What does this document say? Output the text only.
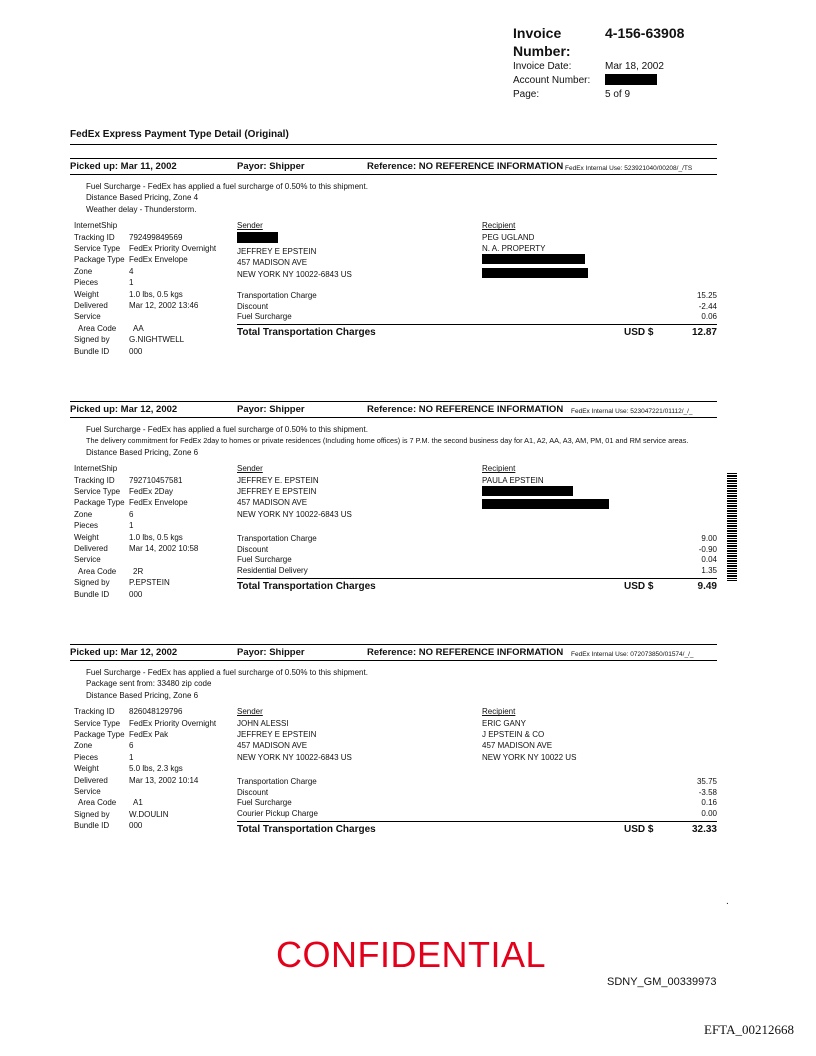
Invoice Number:
4-156-63908
Invoice Date:	Mar 18, 2002
Account Number:
Page:	5 of 9
FedEx Express Payment Type Detail (Original)
Picked up: Mar 11, 2002	Payor: Shipper	Reference: NO REFERENCE INFORMATION FedEx Internal Use: 523921040/00208/_/TS
Fuel Surcharge - FedEx has applied a fuel surcharge of 0.50% to this shipment.
Distance Based Pricing, Zone 4
Weather delay - Thunderstorm.
InternetShip
Tracking ID	792499849569
Service Type	FedEx Priority Overnight
Package Type FedEx Envelope
Zone	4
Pieces	1
Weight	1.0 lbs, 0.5 kgs
Delivered	Mar 12, 2002 13:46
Service
Area Code	AA
Signed by	G.NIGHTWELL
Bundle ID	000
Sender
JEFFREY E EPSTEIN
457 MADISON AVE
NEW YORK NY 10022-6843 US
Recipient
PEG UGLAND
N. A. PROPERTY
Transportation Charge	15.25
Discount	-2.44
Fuel Surcharge	0.06
Total Transportation Charges	USD $	12.87
Picked up: Mar 12, 2002	Payor: Shipper	Reference: NO REFERENCE INFORMATION FedEx Internal Use: 523047221/01112/_/_
Fuel Surcharge - FedEx has applied a fuel surcharge of 0.50% to this shipment.
The delivery commitment for FedEx 2day to homes or private residences (Including home offices) is 7 P.M. the second business day for A1, A2, AA, A3, AM, PM, 01 and RM service areas.
Distance Based Pricing, Zone 6
InternetShip
Tracking ID	792710457581
Service Type	FedEx 2Day
Package Type FedEx Envelope
Zone	6
Pieces	1
Weight	1.0 lbs, 0.5 kgs
Delivered	Mar 14, 2002 10:58
Service
Area Code	2R
Signed by	P.EPSTEIN
Bundle ID	000
Sender
JEFFREY E. EPSTEIN
JEFFREY E EPSTEIN
457 MADISON AVE
NEW YORK NY 10022-6843 US
Recipient
PAULA EPSTEIN
Transportation Charge	9.00
Discount	-0.90
Fuel Surcharge	0.04
Residential Delivery	1.35
Total Transportation Charges	USD $	9.49
Picked up: Mar 12, 2002	Payor: Shipper	Reference: NO REFERENCE INFORMATION FedEx Internal Use: 072073850/01574/_/_
Fuel Surcharge - FedEx has applied a fuel surcharge of 0.50% to this shipment.
Package sent from: 33480 zip code
Distance Based Pricing, Zone 6
Tracking ID	826048129796
Service Type	FedEx Priority Overnight
Package Type FedEx Pak
Zone	6
Pieces	1
Weight	5.0 lbs, 2.3 kgs
Delivered	Mar 13, 2002 10:14
Service
Area Code	A1
Signed by	W.DOULIN
Bundle ID	000
Sender
JOHN ALESSI
JEFFREY E EPSTEIN
457 MADISON AVE
NEW YORK NY 10022-6843 US
Recipient
ERIC GANY
J EPSTEIN & CO
457 MADISON AVE
NEW YORK NY 10022 US
Transportation Charge	35.75
Discount	-3.58
Fuel Surcharge	0.16
Courier Pickup Charge	0.00
Total Transportation Charges	USD $	32.33
.
CONFIDENTIAL
SDNY_GM_00339973
EFTA_00212668
